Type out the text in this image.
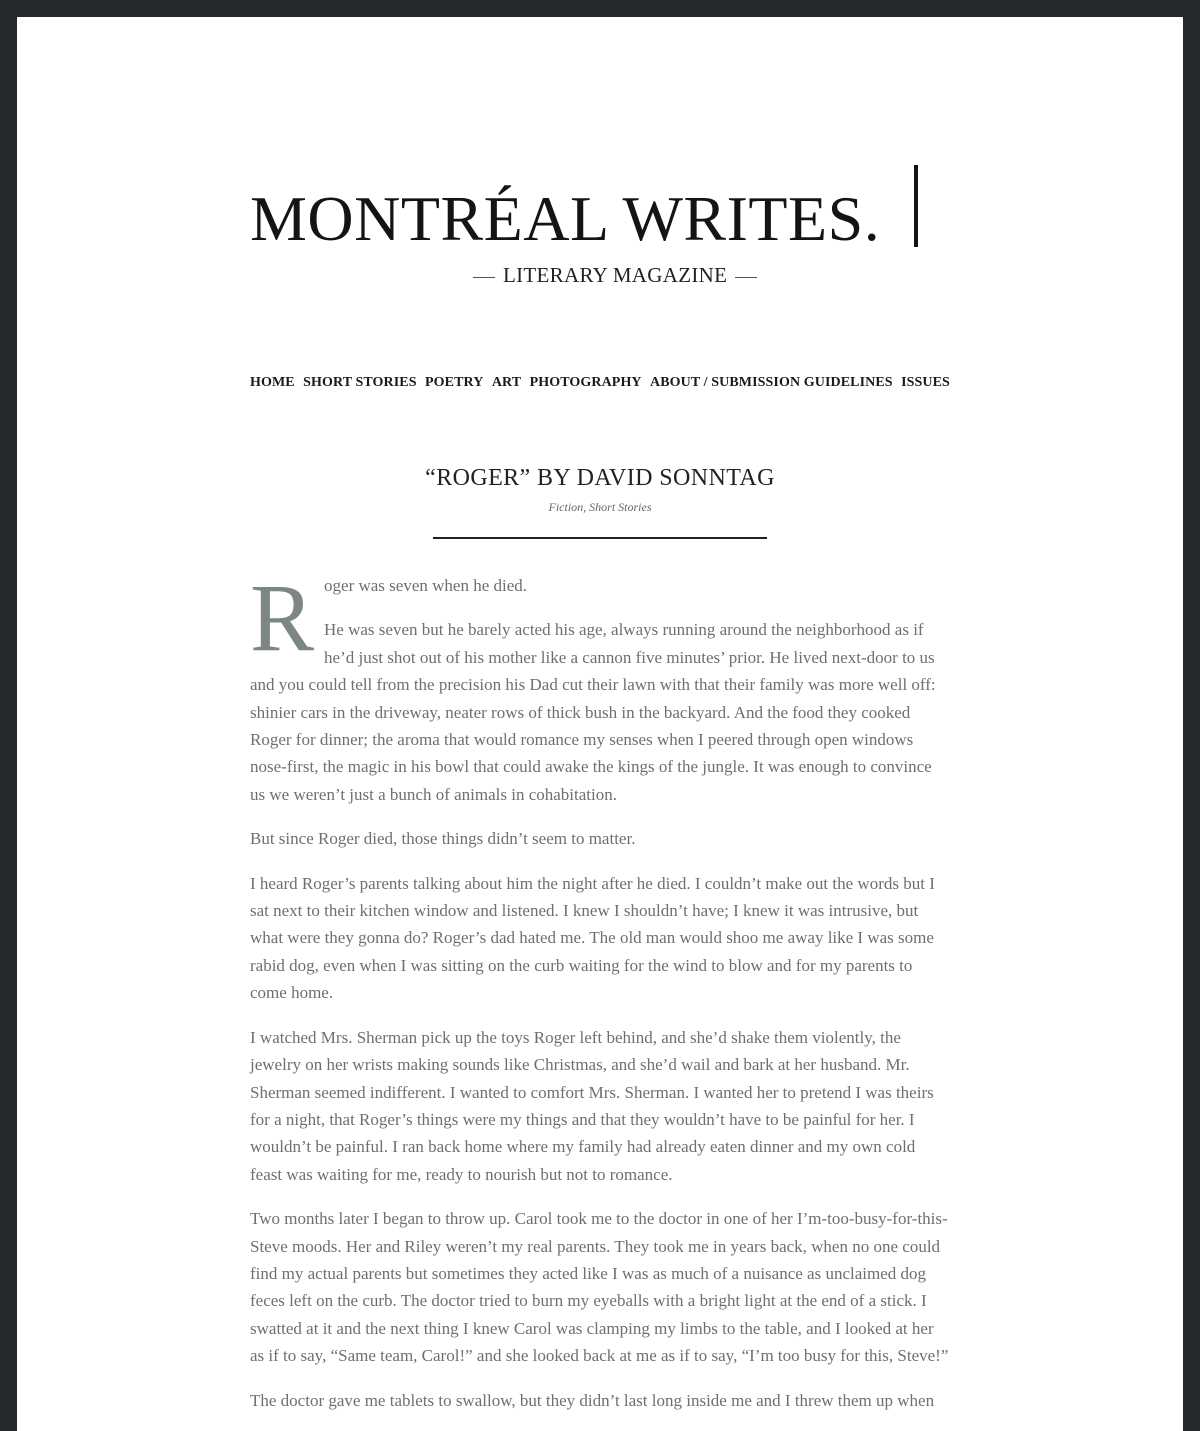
MONTRÉAL WRITES.
LITERARY MAGAZINE
HOME SHORT STORIES POETRY ART PHOTOGRAPHY ABOUT / SUBMISSION GUIDELINES ISSUES
“ROGER” BY DAVID SONNTAG
Fiction, Short Stories

Roger was seven when he died.

He was seven but he barely acted his age, always running around the neighborhood as if he’d just shot out of his mother like a cannon five minutes’ prior. He lived next-door to us and you could tell from the precision his Dad cut their lawn with that their family was more well off: shinier cars in the driveway, neater rows of thick bush in the backyard. And the food they cooked Roger for dinner; the aroma that would romance my senses when I peered through open windows nose-first, the magic in his bowl that could awake the kings of the jungle. It was enough to convince us we weren’t just a bunch of animals in cohabitation.

But since Roger died, those things didn’t seem to matter.

I heard Roger’s parents talking about him the night after he died. I couldn’t make out the words but I sat next to their kitchen window and listened. I knew I shouldn’t have; I knew it was intrusive, but what were they gonna do? Roger’s dad hated me. The old man would shoo me away like I was some rabid dog, even when I was sitting on the curb waiting for the wind to blow and for my parents to come home.

I watched Mrs. Sherman pick up the toys Roger left behind, and she’d shake them violently, the jewelry on her wrists making sounds like Christmas, and she’d wail and bark at her husband. Mr. Sherman seemed indifferent. I wanted to comfort Mrs. Sherman. I wanted her to pretend I was theirs for a night, that Roger’s things were my things and that they wouldn’t have to be painful for her. I wouldn’t be painful. I ran back home where my family had already eaten dinner and my own cold feast was waiting for me, ready to nourish but not to romance.

Two months later I began to throw up. Carol took me to the doctor in one of her I’m-too-busy-for-this-Steve moods. Her and Riley weren’t my real parents. They took me in years back, when no one could find my actual parents but sometimes they acted like I was as much of a nuisance as unclaimed dog feces left on the curb. The doctor tried to burn my eyeballs with a bright light at the end of a stick. I swatted at it and the next thing I knew Carol was clamping my limbs to the table, and I looked at her as if to say, “Same team, Carol!” and she looked back at me as if to say, “I’m too busy for this, Steve!”

The doctor gave me tablets to swallow, but they didn’t last long inside me and I threw them up when
